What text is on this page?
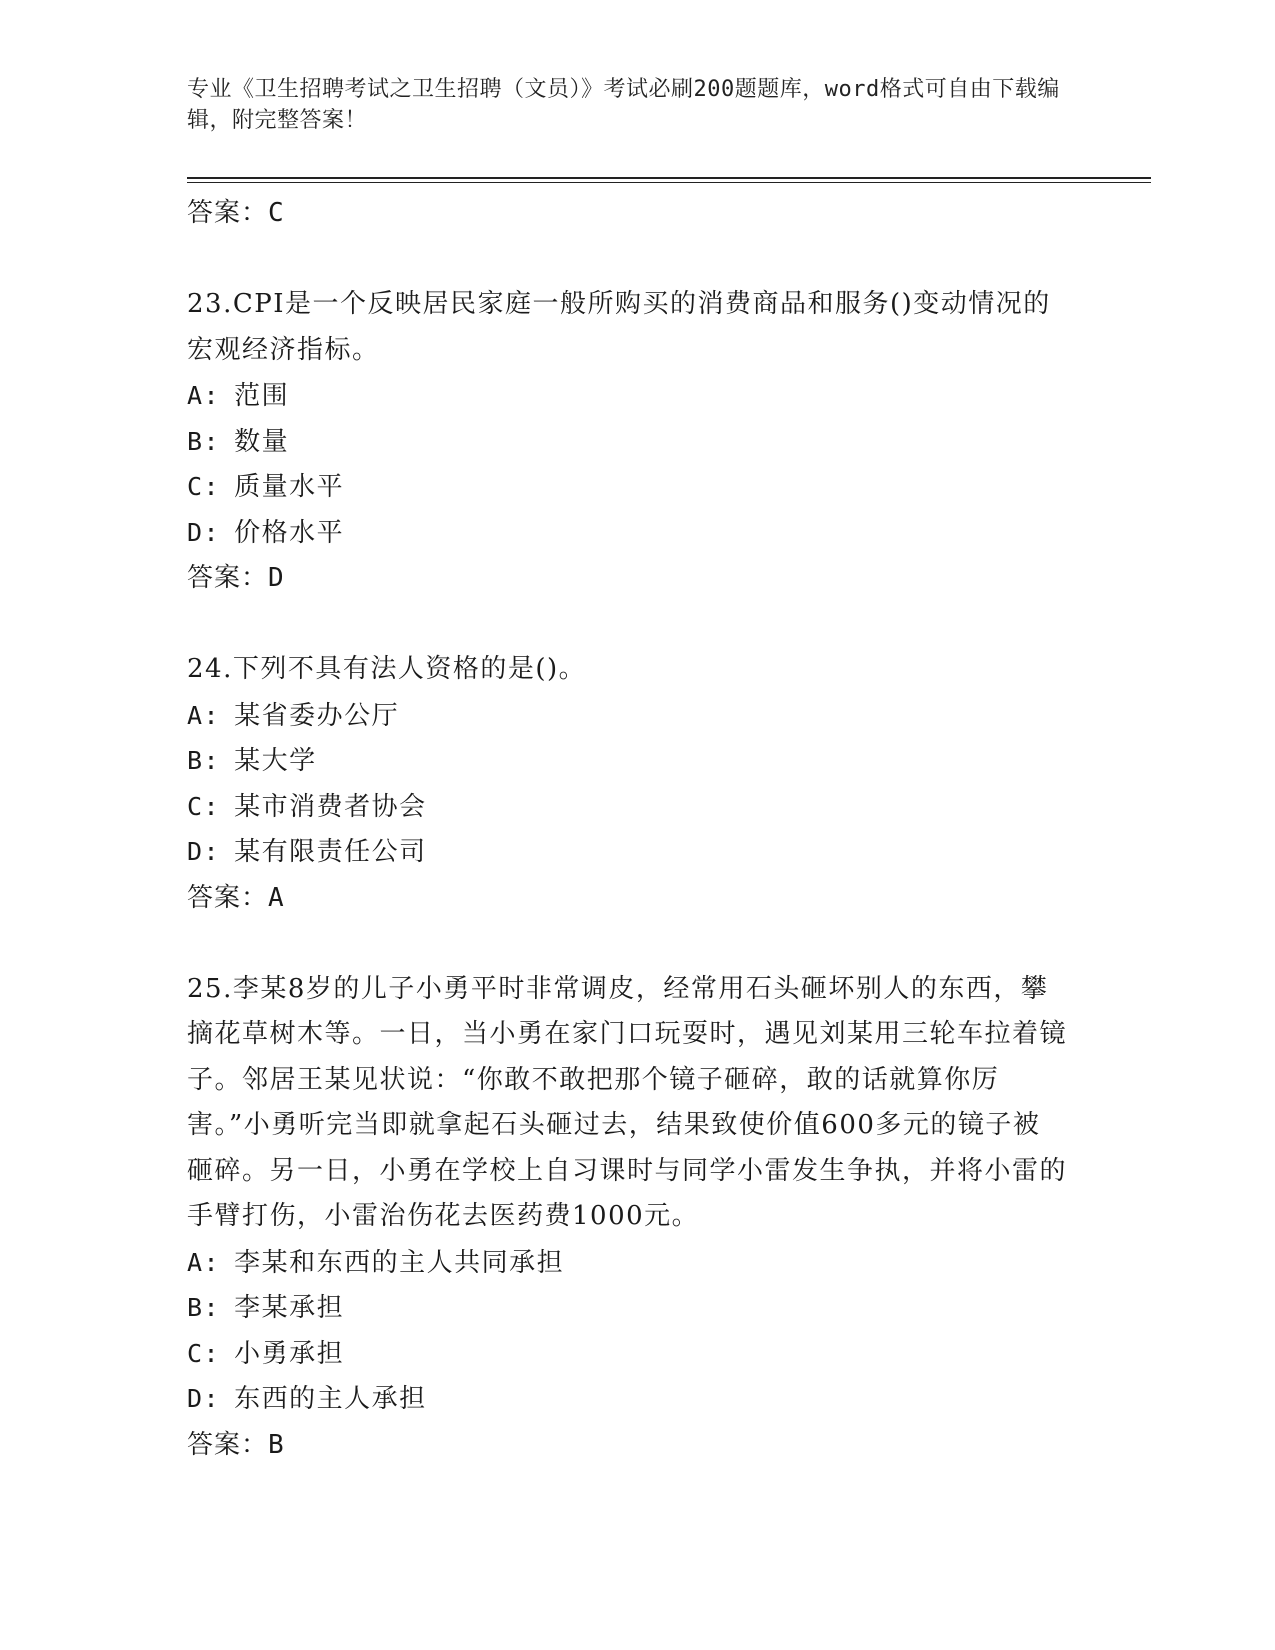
专业《卫生招聘考试之卫生招聘（文员）》考试必刷200题题库，word格式可自由下载编辑，附完整答案！
答案：C
23.CPI是一个反映居民家庭一般所购买的消费商品和服务()变动情况的宏观经济指标。
A: 范围
B: 数量
C: 质量水平
D: 价格水平
答案：D
24.下列不具有法人资格的是()。
A: 某省委办公厅
B: 某大学
C: 某市消费者协会
D: 某有限责任公司
答案：A
25.李某8岁的儿子小勇平时非常调皮，经常用石头砸坏别人的东西，攀摘花草树木等。一日，当小勇在家门口玩耍时，遇见刘某用三轮车拉着镜子。邻居王某见状说：“你敢不敢把那个镜子砸碎，敢的话就算你厉害。”小勇听完当即就拿起石头砸过去，结果致使价值600多元的镜子被砸碎。另一日，小勇在学校上自习课时与同学小雷发生争执，并将小雷的手臂打伤，小雷治伤花去医药费1000元。
A: 李某和东西的主人共同承担
B: 李某承担
C: 小勇承担
D: 东西的主人承担
答案：B
